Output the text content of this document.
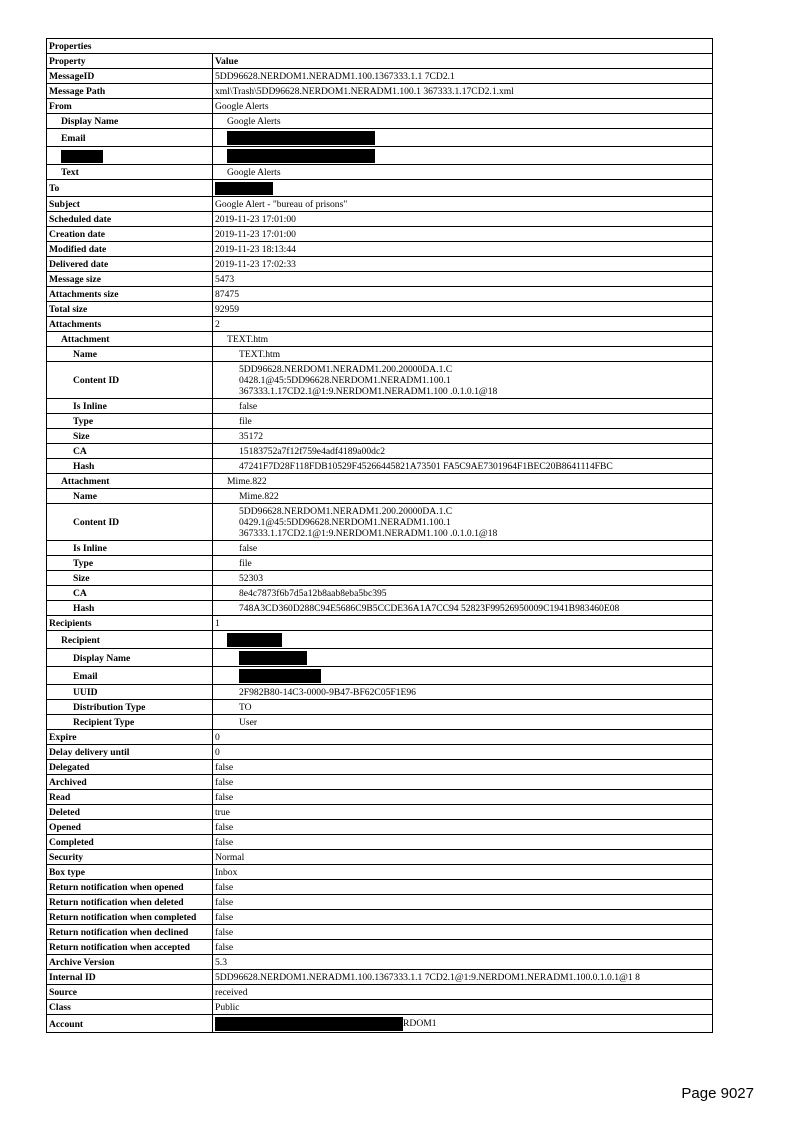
Properties	
Property	Value
MessageID	5DD96628.NERDOM1.NERADM1.100.1367333.1.1 7CD2.1
Message Path	xml\Trash\5DD96628.NERDOM1.NERADM1.100.1 367333.1.17CD2.1.xml
From	Google Alerts
Display Name	Google Alerts
Email	

Text	Google Alerts
To	
Subject	Google Alert - "bureau of prisons"
Scheduled date	2019-11-23 17:01:00
Creation date	2019-11-23 17:01:00
Modified date	2019-11-23 18:13:44
Delivered date	2019-11-23 17:02:33
Message size	5473
Attachments size	87475
Total size	92959
Attachments	2
Attachment	TEXT.htm
Name	TEXT.htm
Content ID	5DD96628.NERDOM1.NERADM1.200.20000DA.1.C
0428.1@45:5DD96628.NERDOM1.NERADM1.100.1
367333.1.17CD2.1@1:9.NERDOM1.NERADM1.100 .0.1.0.1@18

Is Inline	false
Type	file
Size	35172
CA	15183752a7f12f759e4adf4189a00dc2
Hash	47241F7D28F118FDB10529F45266445821A73501 FA5C9AE7301964F1BEC20B8641114FBC
Attachment	Mime.822
Name	Mime.822
Content ID	5DD96628.NERDOM1.NERADM1.200.20000DA.1.C
0429.1@45:5DD96628.NERDOM1.NERADM1.100.1
367333.1.17CD2.1@1:9.NERDOM1.NERADM1.100 .0.1.0.1@18

Is Inline	false
Type	file
Size	52303
CA	8e4c7873f6b7d5a12b8aab8eba5bc395
Hash	748A3CD360D288C94E5686C9B5CCDE36A1A7CC94 52823F99526950009C1941B983460E08
Recipients	1
Recipient	
Display Name	
Email	
UUID	2F982B80-14C3-0000-9B47-BF62C05F1E96
Distribution Type	TO
Recipient Type	User
Expire	0
Delay delivery until	0
Delegated	false
Archived	false
Read	false
Deleted	true
Opened	false
Completed	false
Security	Normal
Box type	Inbox
Return notification when opened	false
Return notification when deleted	false
Return notification when completed	false
Return notification when declined	false
Return notification when accepted	false
Archive Version	5.3
Internal ID	5DD96628.NERDOM1.NERADM1.100.1367333.1.1 7CD2.1@1:9.NERDOM1.NERADM1.100.0.1.0.1@1 8
Source	received
Class	Public
Account	RDOM1
Page 9027
